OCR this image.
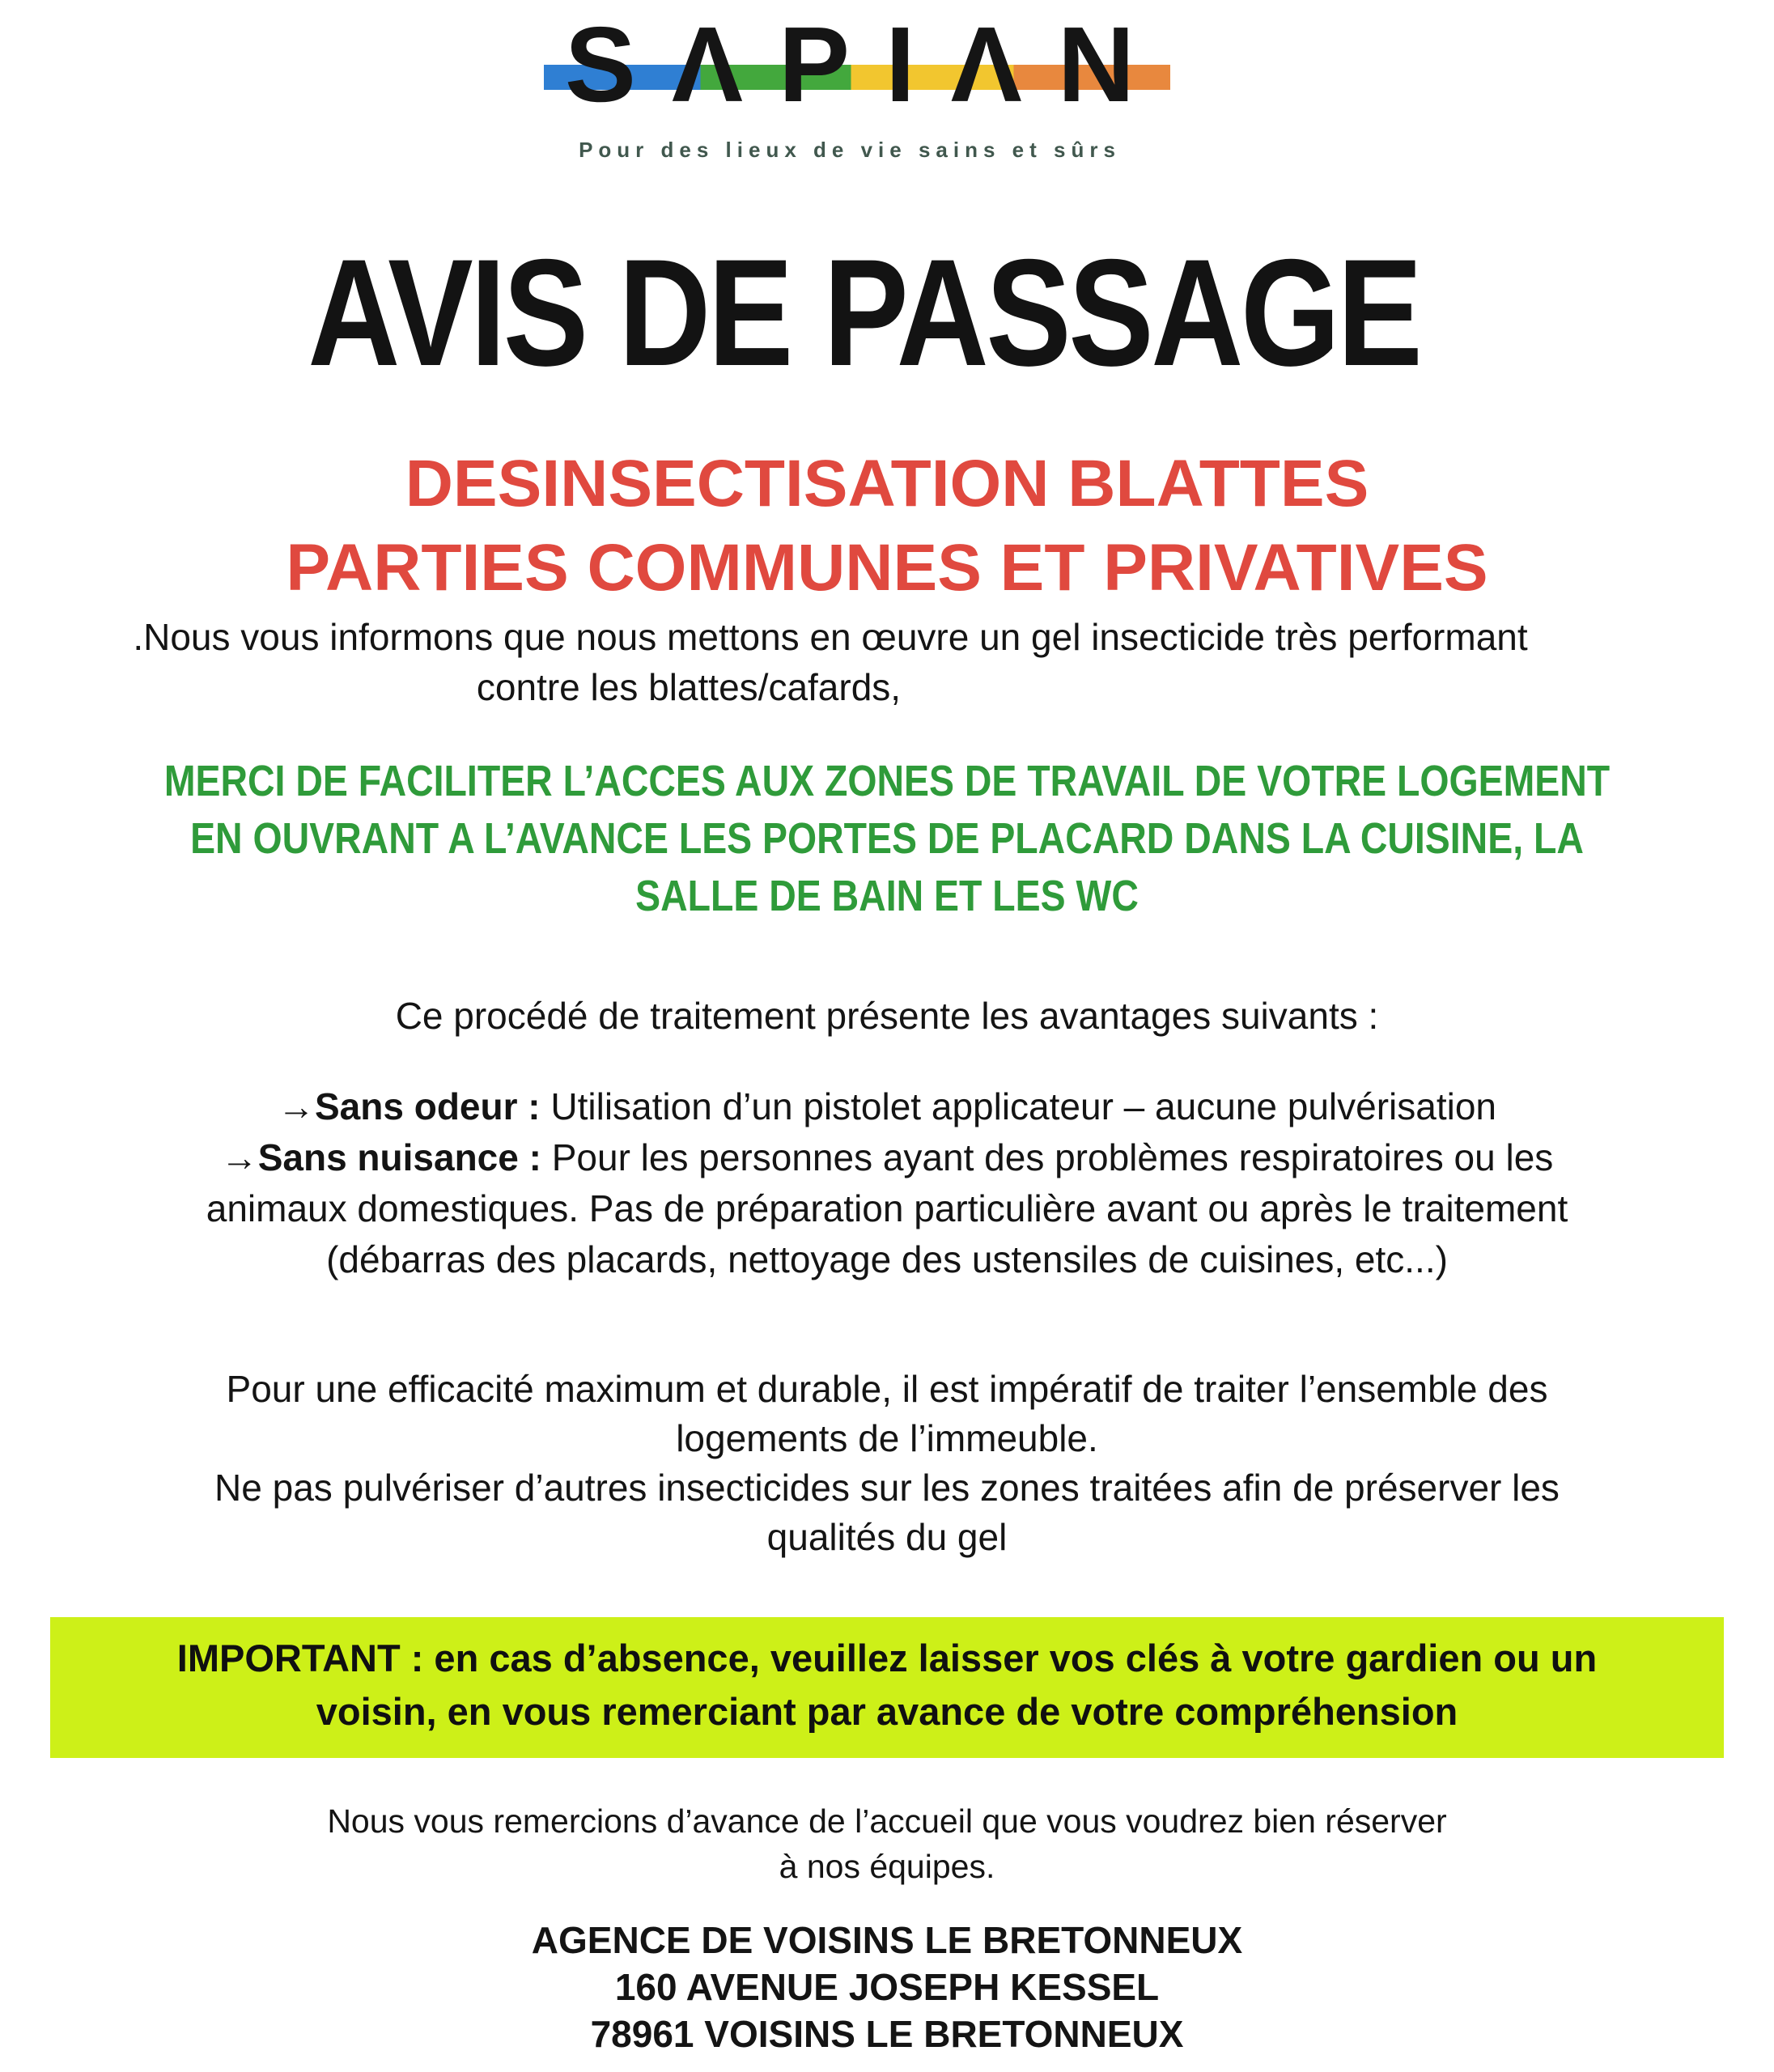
SΛPIΛN
Pour des lieux de vie sains et sûrs
AVIS DE PASSAGE
DESINSECTISATION BLATTES
PARTIES COMMUNES ET PRIVATIVES
.Nous vous informons que nous mettons en œuvre un gel insecticide très performant
contre les blattes/cafards,
MERCI DE FACILITER L’ACCES AUX ZONES DE TRAVAIL DE VOTRE LOGEMENT
EN OUVRANT A L’AVANCE LES PORTES DE PLACARD DANS LA CUISINE, LA
SALLE DE BAIN ET LES WC
Ce procédé de traitement présente les avantages suivants :
→Sans odeur : Utilisation d’un pistolet applicateur – aucune pulvérisation
→Sans nuisance : Pour les personnes ayant des problèmes respiratoires ou les
animaux domestiques. Pas de préparation particulière avant ou après le traitement
(débarras des placards, nettoyage des ustensiles de cuisines, etc...)
Pour une efficacité maximum et durable, il est impératif de traiter l’ensemble des
logements de l’immeuble.
Ne pas pulvériser d’autres insecticides sur les zones traitées afin de préserver les
qualités du gel
IMPORTANT : en cas d’absence, veuillez laisser vos clés à votre gardien ou un
voisin, en vous remerciant par avance de votre compréhension
Nous vous remercions d’avance de l’accueil que vous voudrez bien réserver
à nos équipes.
AGENCE DE VOISINS LE BRETONNEUX
160 AVENUE JOSEPH KESSEL
78961 VOISINS LE BRETONNEUX
